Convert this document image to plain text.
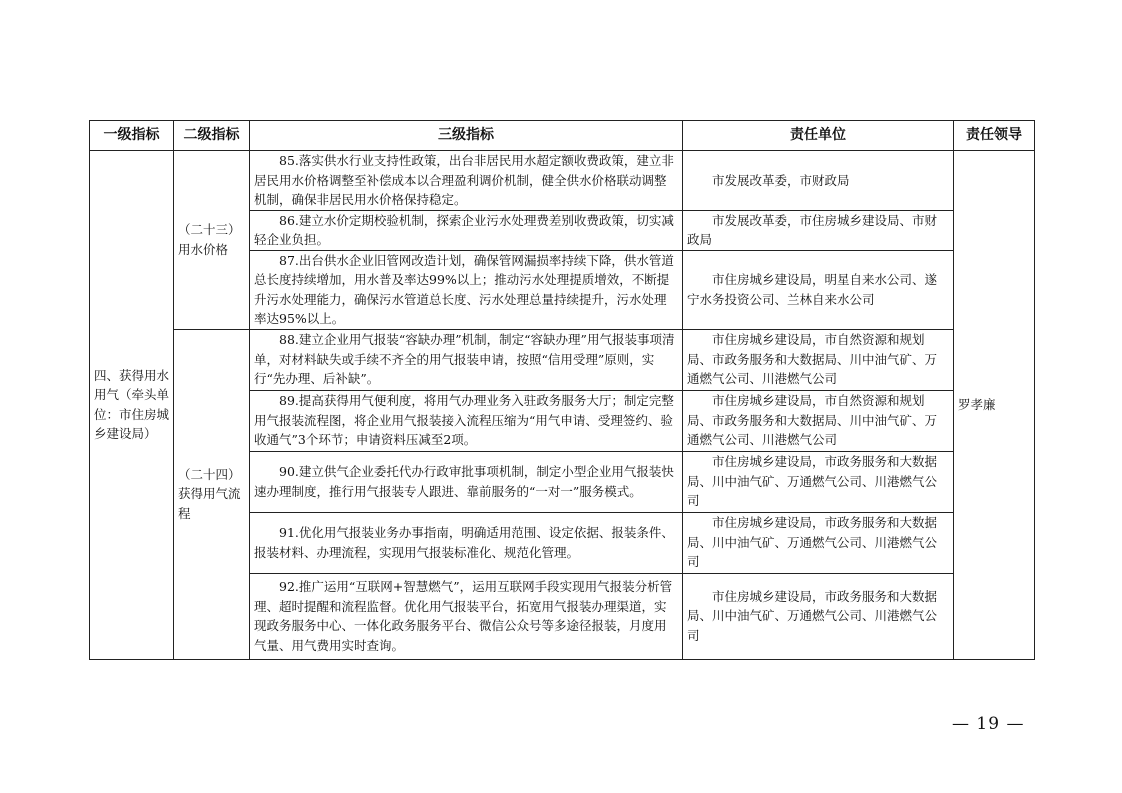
一级指标	二级指标	三级指标	责任单位	责任领导
四、获得用水用气（牵头单位：市住房城乡建设局）	（二十三）用水价格	85.落实供水行业支持性政策，出台非居民用水超定额收费政策，建立非居民用水价格调整至补偿成本以合理盈利调价机制，健全供水价格联动调整机制，确保非居民用水价格保持稳定。	市发展改革委，市财政局	罗孝廉
		86.建立水价定期校验机制，探索企业污水处理费差别收费政策，切实减轻企业负担。	市发展改革委，市住房城乡建设局、市财政局	
		87.出台供水企业旧管网改造计划，确保管网漏损率持续下降，供水管道总长度持续增加，用水普及率达99%以上；推动污水处理提质增效，不断提升污水处理能力，确保污水管道总长度、污水处理总量持续提升，污水处理率达95%以上。	市住房城乡建设局，明星自来水公司、遂宁水务投资公司、兰林自来水公司	
	（二十四）获得用气流程	88.建立企业用气报装“容缺办理”机制，制定“容缺办理”用气报装事项清单，对材料缺失或手续不齐全的用气报装申请，按照“信用受理”原则，实行“先办理、后补缺”。	市住房城乡建设局，市自然资源和规划局、市政务服务和大数据局、川中油气矿、万通燃气公司、川港燃气公司	
		89.提高获得用气便利度，将用气办理业务入驻政务服务大厅；制定完整用气报装流程图，将企业用气报装接入流程压缩为“用气申请、受理签约、验收通气”3个环节；申请资料压减至2项。	市住房城乡建设局，市自然资源和规划局、市政务服务和大数据局、川中油气矿、万通燃气公司、川港燃气公司	
		90.建立供气企业委托代办行政审批事项机制，制定小型企业用气报装快速办理制度，推行用气报装专人跟进、靠前服务的“一对一”服务模式。	市住房城乡建设局，市政务服务和大数据局、川中油气矿、万通燃气公司、川港燃气公司	
		91.优化用气报装业务办事指南，明确适用范围、设定依据、报装条件、报装材料、办理流程，实现用气报装标准化、规范化管理。	市住房城乡建设局，市政务服务和大数据局、川中油气矿、万通燃气公司、川港燃气公司	
		92.推广运用“互联网+智慧燃气”，运用互联网手段实现用气报装分析管理、超时提醒和流程监督。优化用气报装平台，拓宽用气报装办理渠道，实现政务服务中心、一体化政务服务平台、微信公众号等多途径报装，月度用气量、用气费用实时查询。	市住房城乡建设局，市政务服务和大数据局、川中油气矿、万通燃气公司、川港燃气公司	
— 19 —
